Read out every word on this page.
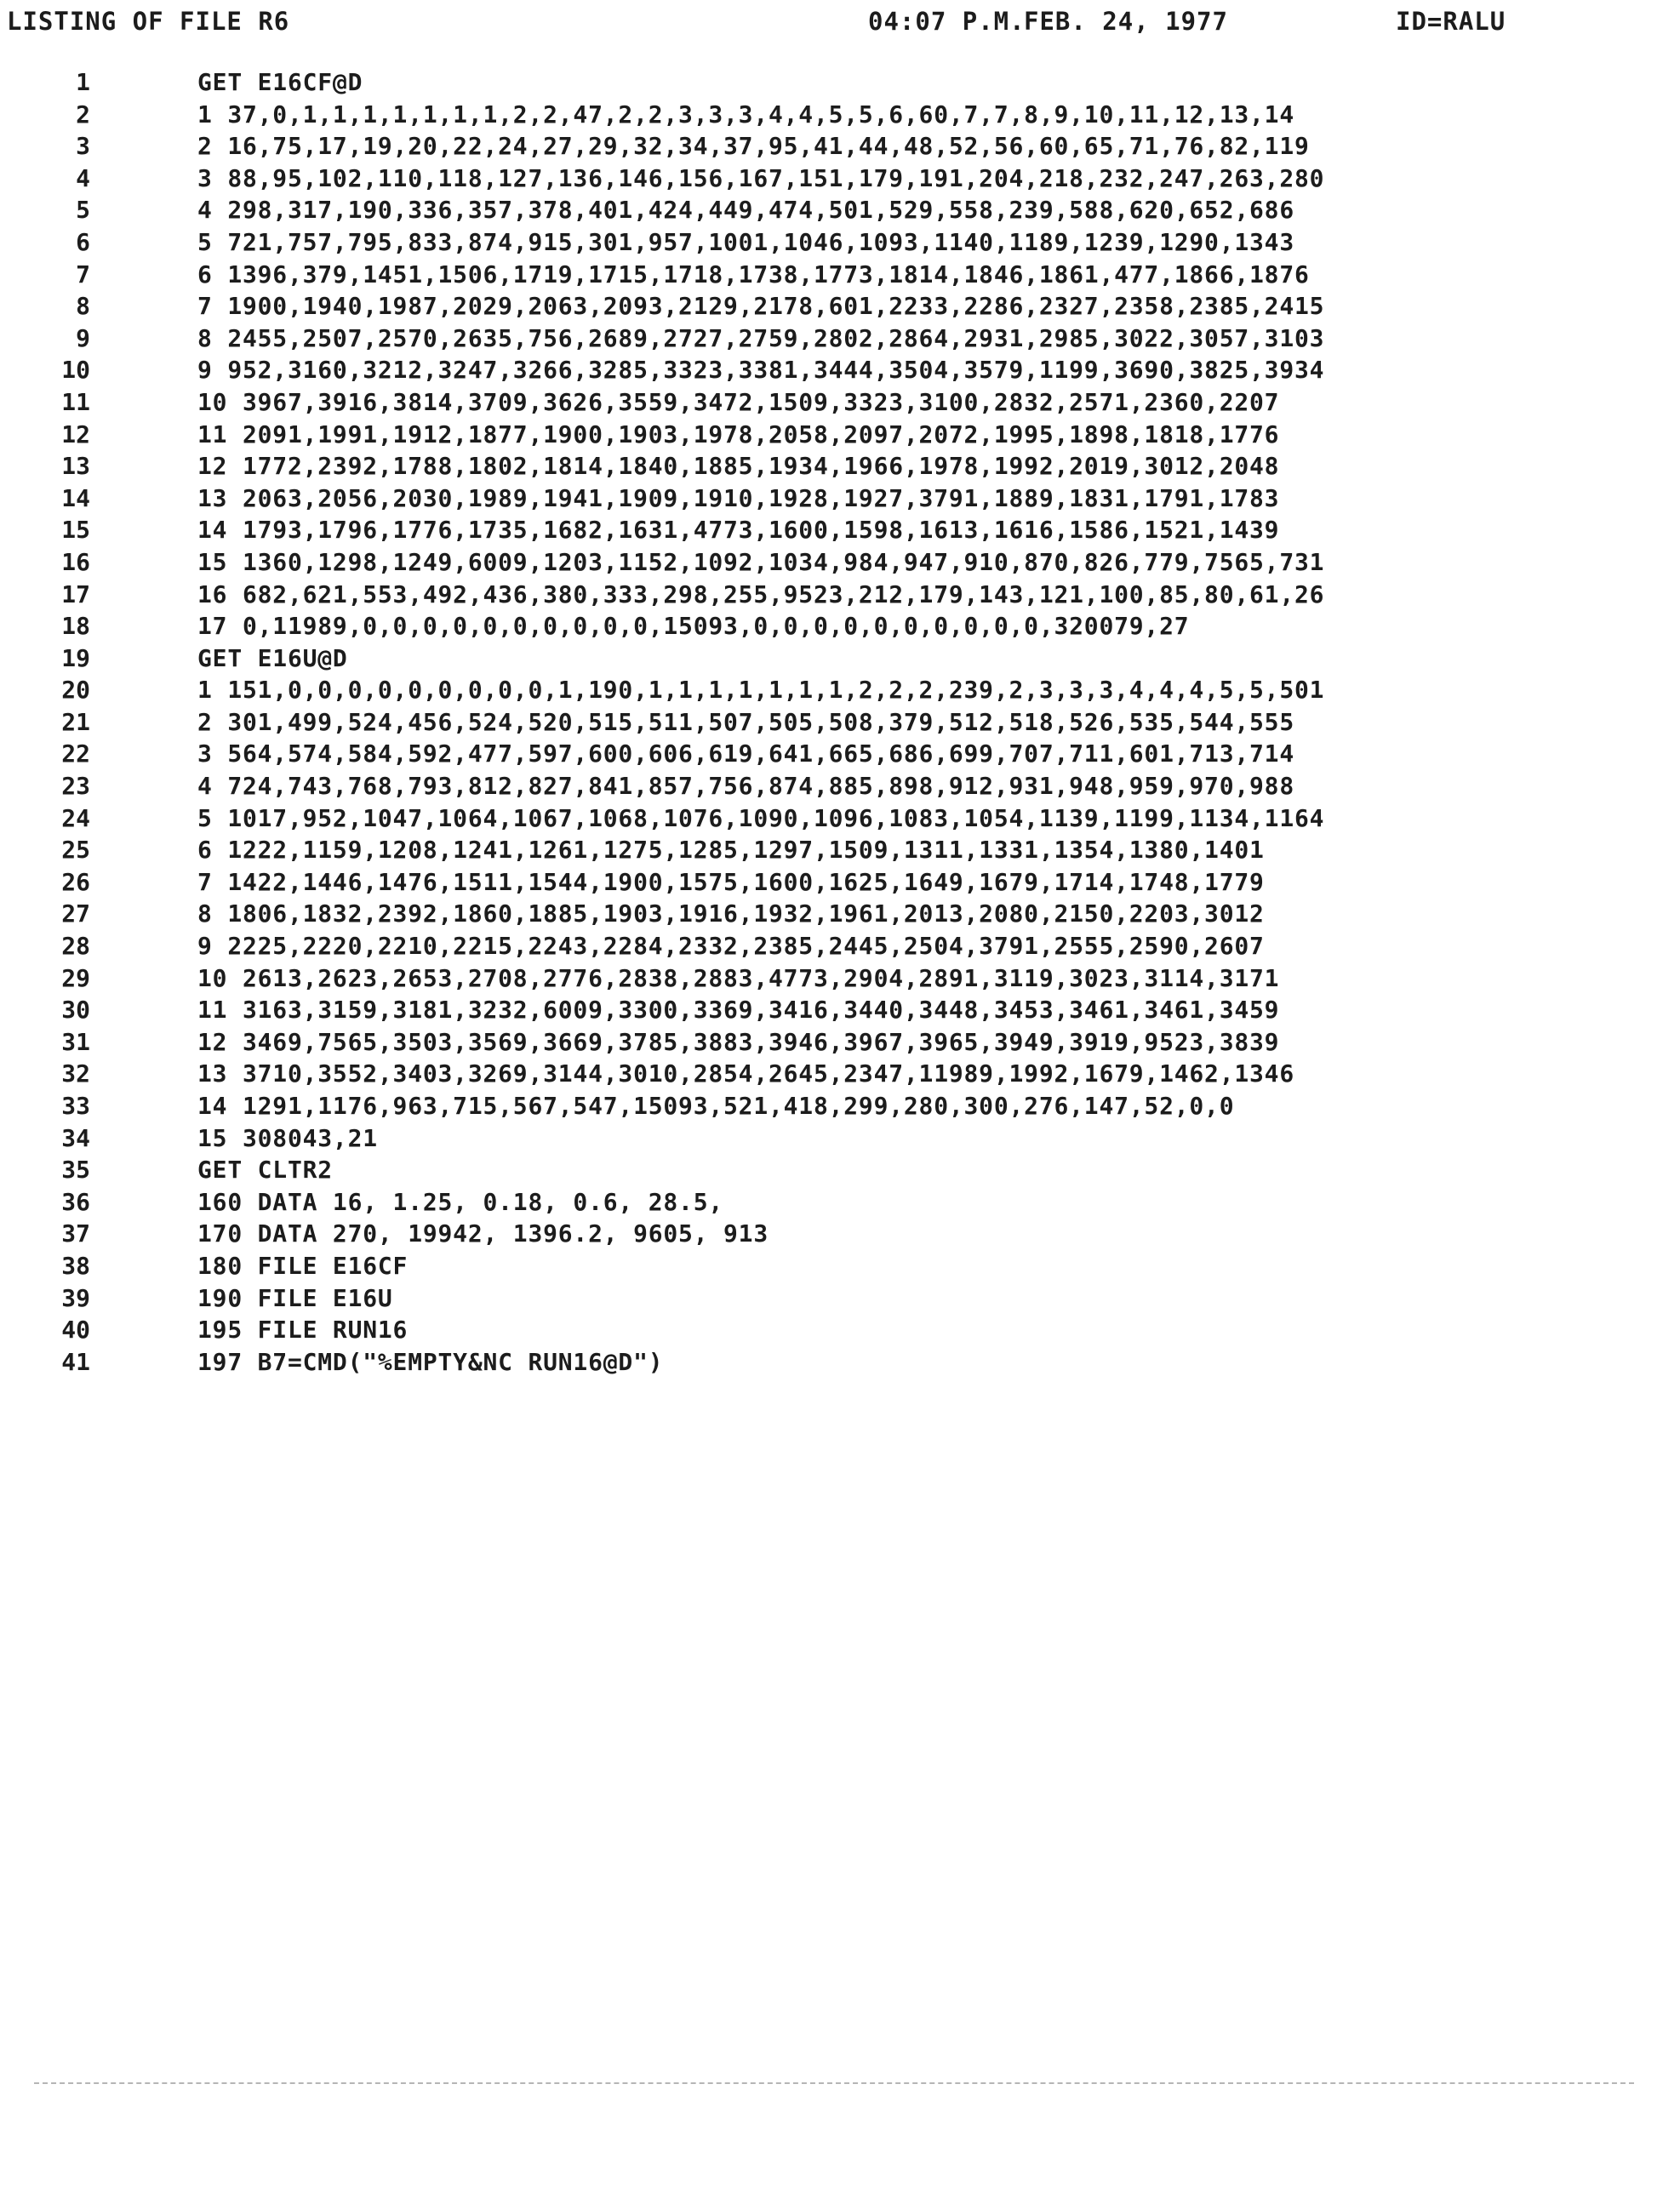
LISTING OF FILE R6	04:07 P.M.
FEB. 24, 1977	ID=RALU
1	GET E16CF@D
2	1 37,0,1,1,1,1,1,1,1,2,2,47,2,2,3,3,3,4,4,5,5,6,60,7,7,8,9,10,11,12,13,14
3	2 16,75,17,19,20,22,24,27,29,32,34,37,95,41,44,48,52,56,60,65,71,76,82,119
4	3 88,95,102,110,118,127,136,146,156,167,151,179,191,204,218,232,247,263,280
5	4 298,317,190,336,357,378,401,424,449,474,501,529,558,239,588,620,652,686
6	5 721,757,795,833,874,915,301,957,1001,1046,1093,1140,1189,1239,1290,1343
7	6 1396,379,1451,1506,1719,1715,1718,1738,1773,1814,1846,1861,477,1866,1876
8	7 1900,1940,1987,2029,2063,2093,2129,2178,601,2233,2286,2327,2358,2385,2415
9	8 2455,2507,2570,2635,756,2689,2727,2759,2802,2864,2931,2985,3022,3057,3103
10	9 952,3160,3212,3247,3266,3285,3323,3381,3444,3504,3579,1199,3690,3825,3934
11	10 3967,3916,3814,3709,3626,3559,3472,1509,3323,3100,2832,2571,2360,2207
12	11 2091,1991,1912,1877,1900,1903,1978,2058,2097,2072,1995,1898,1818,1776
13	12 1772,2392,1788,1802,1814,1840,1885,1934,1966,1978,1992,2019,3012,2048
14	13 2063,2056,2030,1989,1941,1909,1910,1928,1927,3791,1889,1831,1791,1783
15	14 1793,1796,1776,1735,1682,1631,4773,1600,1598,1613,1616,1586,1521,1439
16	15 1360,1298,1249,6009,1203,1152,1092,1034,984,947,910,870,826,779,7565,731
17	16 682,621,553,492,436,380,333,298,255,9523,212,179,143,121,100,85,80,61,26
18	17 0,11989,0,0,0,0,0,0,0,0,0,0,15093,0,0,0,0,0,0,0,0,0,0,320079,27
19	GET E16U@D
20	1 151,0,0,0,0,0,0,0,0,0,1,190,1,1,1,1,1,1,1,2,2,2,239,2,3,3,3,4,4,4,5,5,501
21	2 301,499,524,456,524,520,515,511,507,505,508,379,512,518,526,535,544,555
22	3 564,574,584,592,477,597,600,606,619,641,665,686,699,707,711,601,713,714
23	4 724,743,768,793,812,827,841,857,756,874,885,898,912,931,948,959,970,988
24	5 1017,952,1047,1064,1067,1068,1076,1090,1096,1083,1054,1139,1199,1134,1164
25	6 1222,1159,1208,1241,1261,1275,1285,1297,1509,1311,1331,1354,1380,1401
26	7 1422,1446,1476,1511,1544,1900,1575,1600,1625,1649,1679,1714,1748,1779
27	8 1806,1832,2392,1860,1885,1903,1916,1932,1961,2013,2080,2150,2203,3012
28	9 2225,2220,2210,2215,2243,2284,2332,2385,2445,2504,3791,2555,2590,2607
29	10 2613,2623,2653,2708,2776,2838,2883,4773,2904,2891,3119,3023,3114,3171
30	11 3163,3159,3181,3232,6009,3300,3369,3416,3440,3448,3453,3461,3461,3459
31	12 3469,7565,3503,3569,3669,3785,3883,3946,3967,3965,3949,3919,9523,3839
32	13 3710,3552,3403,3269,3144,3010,2854,2645,2347,11989,1992,1679,1462,1346
33	14 1291,1176,963,715,567,547,15093,521,418,299,280,300,276,147,52,0,0
34	15 308043,21
35	GET CLTR2
36	160 DATA 16, 1.25, 0.18, 0.6, 28.5,
37	170 DATA 270, 19942, 1396.2, 9605, 913
38	180 FILE E16CF
39	190 FILE E16U
40	195 FILE RUN16
41	197 B7=CMD("%EMPTY&NC RUN16@D")
